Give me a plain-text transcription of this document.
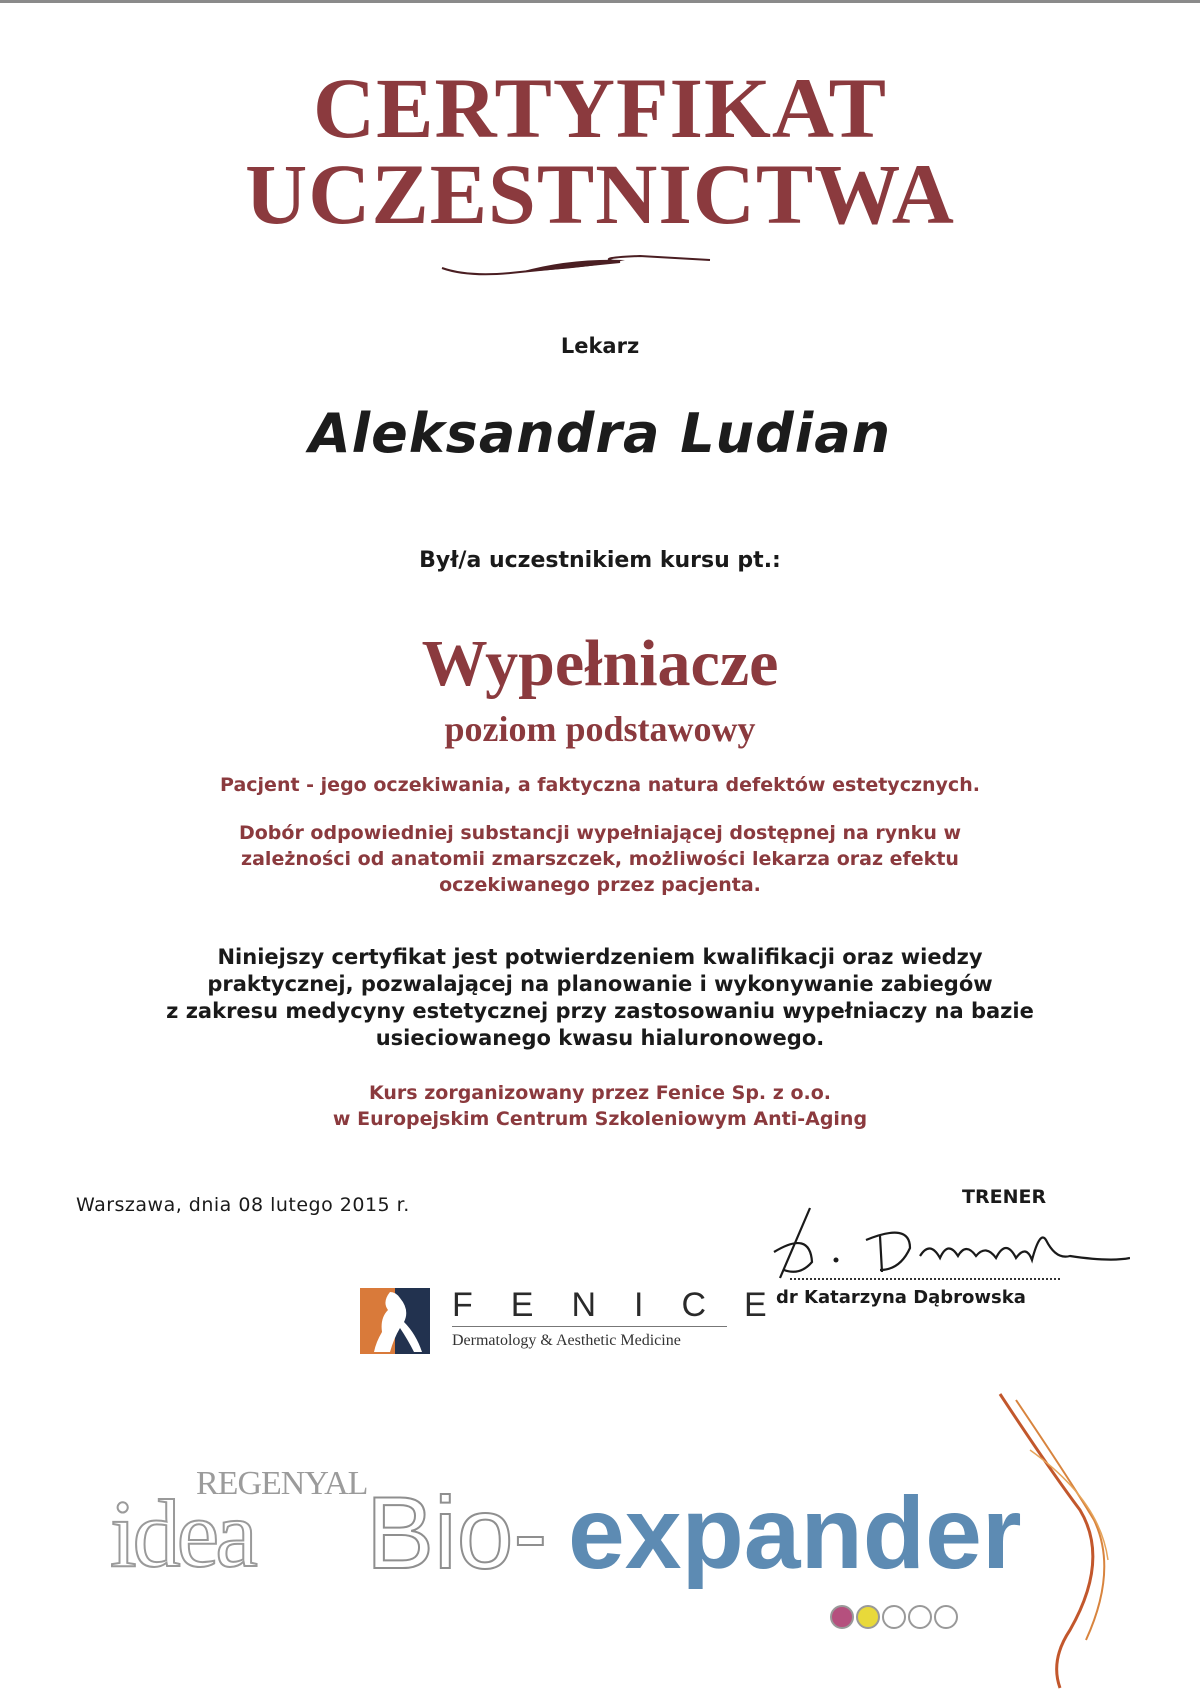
CERTYFIKAT
UCZESTNICTWA
Lekarz
Aleksandra Ludian
Był/a uczestnikiem kursu pt.:
Wypełniacze
poziom podstawowy
Pacjent - jego oczekiwania, a faktyczna natura defektów estetycznych.
Dobór odpowiedniej substancji wypełniającej dostępnej na rynku w
zależności od anatomii zmarszczek, możliwości lekarza oraz efektu
oczekiwanego przez pacjenta.
Niniejszy certyfikat jest potwierdzeniem kwalifikacji oraz wiedzy
praktycznej, pozwalającej na planowanie i wykonywanie zabiegów
z zakresu medycyny estetycznej przy zastosowaniu wypełniaczy na bazie
usieciowanego kwasu hialuronowego.
Kurs zorganizowany przez Fenice Sp. z o.o.
w Europejskim Centrum Szkoleniowym Anti-Aging
Warszawa, dnia 08 lutego 2015 r.	TRENER
dr Katarzyna Dąbrowska
FENICE
Dermatology & Aesthetic Medicine
REGENYAL
idea Bio- expander
